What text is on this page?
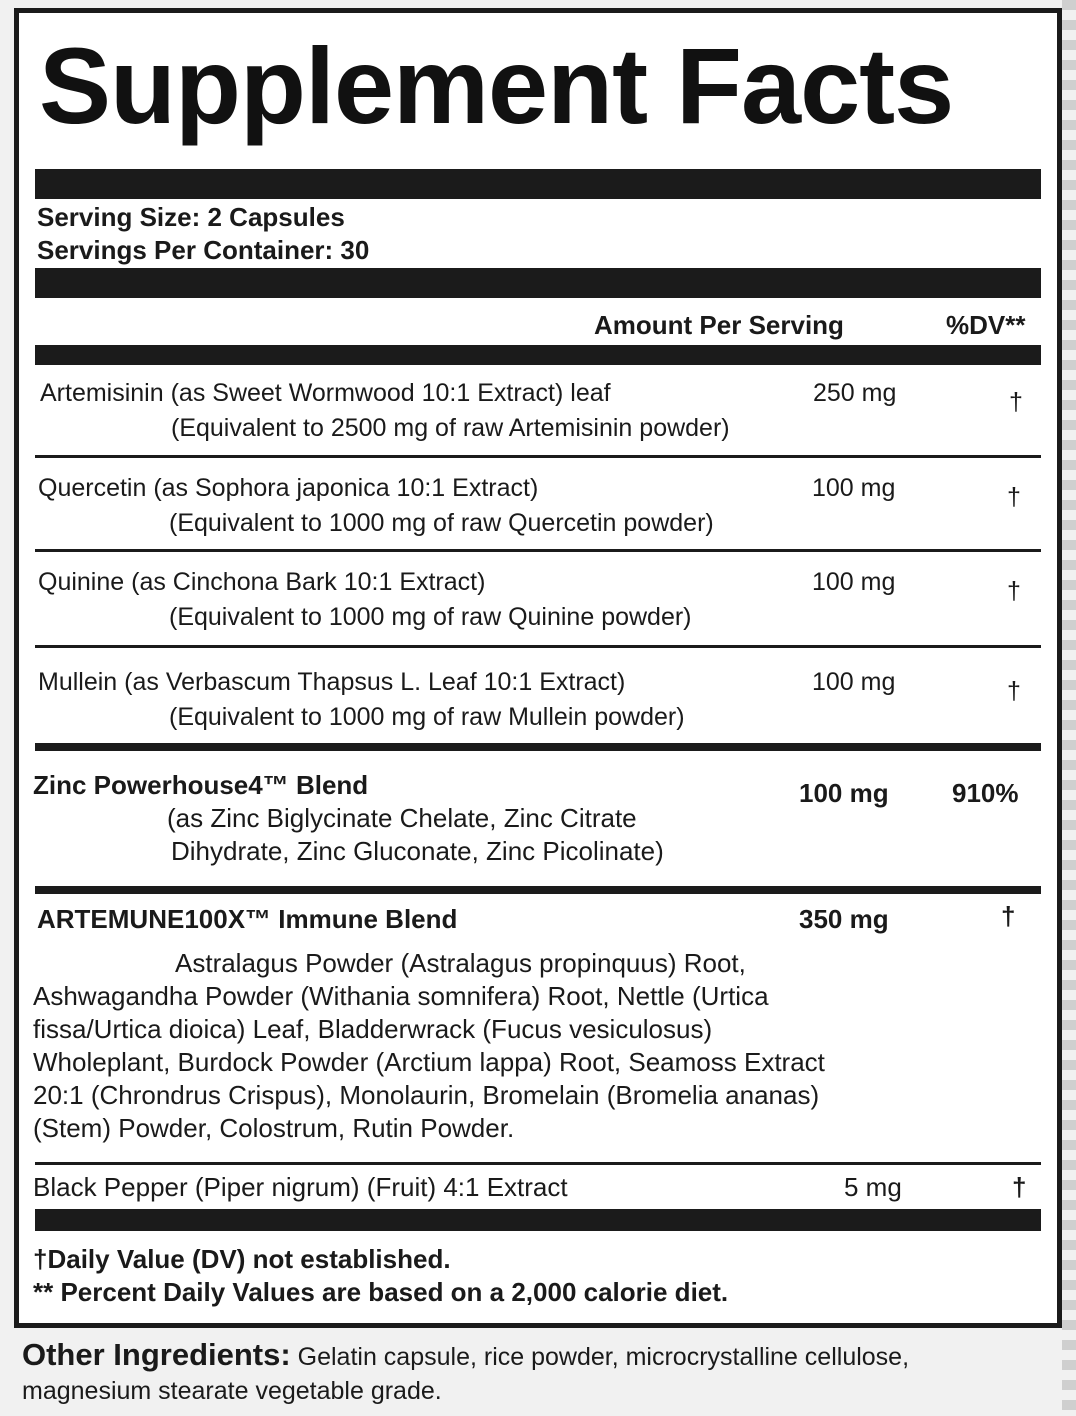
Supplement Facts
Serving Size: 2 Capsules
Servings Per Container: 30
Amount Per Serving	%DV**
Artemisinin (as Sweet Wormwood 10:1 Extract) leaf
(Equivalent to 2500 mg of raw Artemisinin powder)
250 mg	†
Quercetin (as Sophora japonica 10:1 Extract)
(Equivalent to 1000 mg of raw Quercetin powder)
100 mg	†
Quinine (as Cinchona Bark 10:1 Extract)
(Equivalent to 1000 mg of raw Quinine powder)
100 mg	†
Mullein (as Verbascum Thapsus L. Leaf 10:1 Extract)
(Equivalent to 1000 mg of raw Mullein powder)
100 mg	†
Zinc Powerhouse4™ Blend
(as Zinc Biglycinate Chelate, Zinc Citrate
Dihydrate, Zinc Gluconate, Zinc Picolinate)
100 mg 910%
ARTEMUNE100X™ Immune Blend	350 mg	†
Astralagus Powder (Astralagus propinquus) Root,
Ashwagandha Powder (Withania somnifera) Root, Nettle (Urtica
fissa/Urtica dioica) Leaf, Bladderwrack (Fucus vesiculosus)
Wholeplant, Burdock Powder (Arctium lappa) Root, Seamoss Extract
20:1 (Chrondrus Crispus), Monolaurin, Bromelain (Bromelia ananas)
(Stem) Powder, Colostrum, Rutin Powder.
Black Pepper (Piper nigrum) (Fruit) 4:1 Extract	5 mg	†
†Daily Value (DV) not established.
** Percent Daily Values are based on a 2,000 calorie diet.
Other Ingredients: Gelatin capsule, rice powder, microcrystalline cellulose, magnesium stearate vegetable grade.
